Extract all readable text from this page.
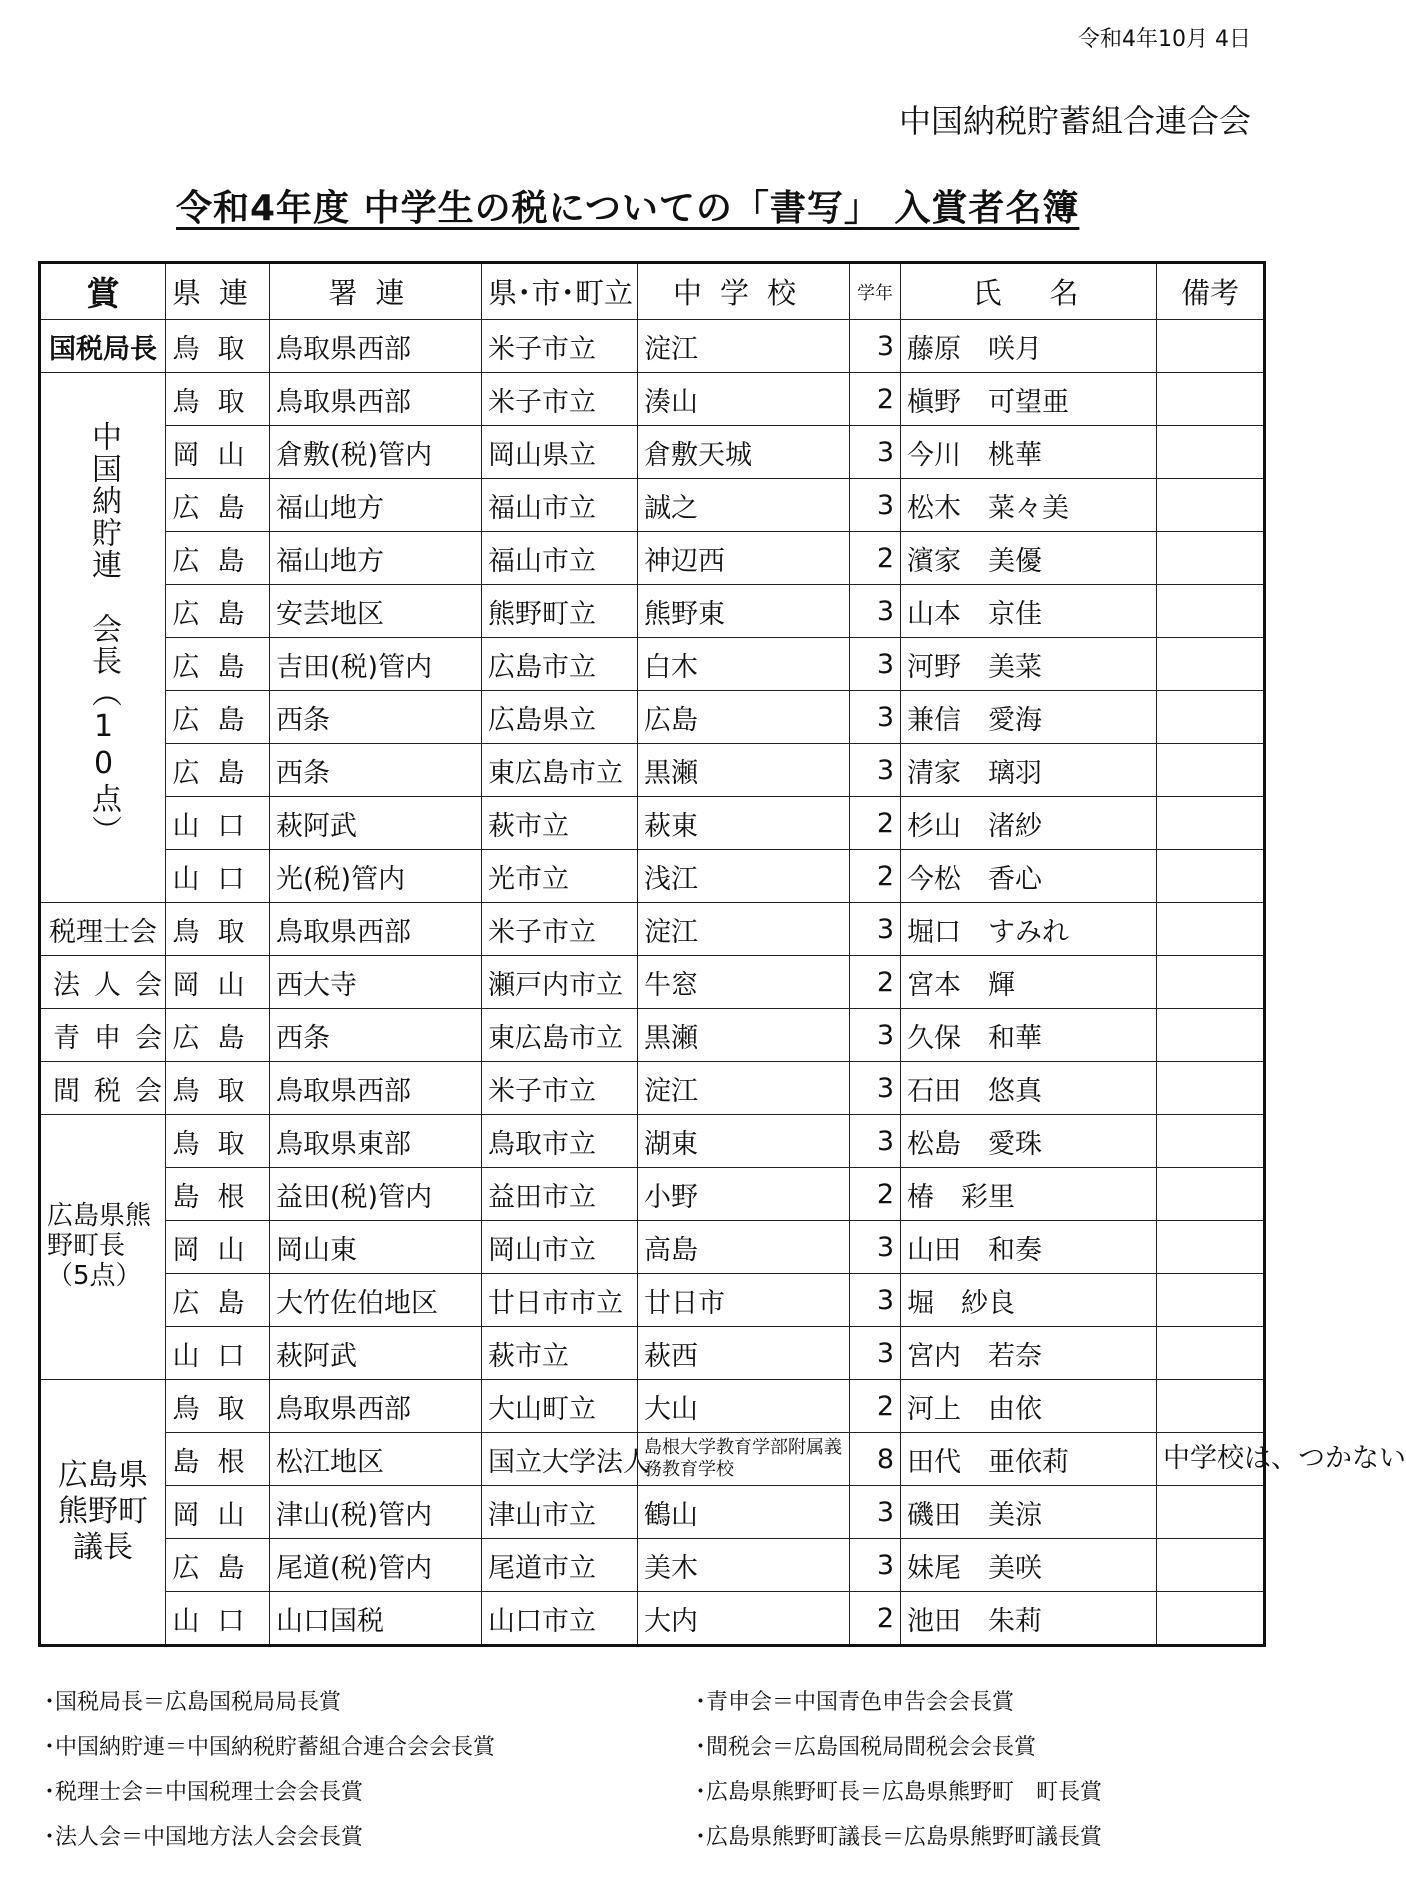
令和4年10月 4日
中国納税貯蓄組合連合会
令和4年度 中学生の税についての「書写」 入賞者名簿
賞	県連	署連	県･市･町立	中学校	学年	氏名	備考
国税局長	鳥取	鳥取県西部	米子市立	淀江	3	藤原　咲月	
中国納貯連　会長（10点）	鳥取	鳥取県西部	米子市立	湊山	2	槇野　可望亜	
	岡山	倉敷(税)管内	岡山県立	倉敷天城	3	今川　桃華	
	広島	福山地方	福山市立	誠之	3	松木　菜々美	
	広島	福山地方	福山市立	神辺西	2	濱家　美優	
	広島	安芸地区	熊野町立	熊野東	3	山本　京佳	
	広島	吉田(税)管内	広島市立	白木	3	河野　美菜	
	広島	西条	広島県立	広島	3	兼信　愛海	
	広島	西条	東広島市立	黒瀬	3	清家　璃羽	
	山口	萩阿武	萩市立	萩東	2	杉山　渚紗	
	山口	光(税)管内	光市立	浅江	2	今松　香心	
税理士会	鳥取	鳥取県西部	米子市立	淀江	3	堀口　すみれ	
法人会	岡山	西大寺	瀬戸内市立	牛窓	2	宮本　輝	
青申会	広島	西条	東広島市立	黒瀬	3	久保　和華	
間税会	鳥取	鳥取県西部	米子市立	淀江	3	石田　悠真	
広島県熊野町長（5点）	鳥取	鳥取県東部	鳥取市立	湖東	3	松島　愛珠	
	島根	益田(税)管内	益田市立	小野	2	椿　彩里	
	岡山	岡山東	岡山市立	高島	3	山田　和奏	
	広島	大竹佐伯地区	廿日市市立	廿日市	3	堀　紗良	
	山口	萩阿武	萩市立	萩西	3	宮内　若奈	
広島県熊野町議長	鳥取	鳥取県西部	大山町立	大山	2	河上　由依	
	島根	松江地区	国立大学法人	島根大学教育学部附属義務教育学校	8	田代　亜依莉	中学校は、つかない
	岡山	津山(税)管内	津山市立	鶴山	3	磯田　美涼	
	広島	尾道(税)管内	尾道市立	美木	3	妹尾　美咲	
	山口	山口国税	山口市立	大内	2	池田　朱莉	
･国税局長＝広島国税局局長賞
･中国納貯連＝中国納税貯蓄組合連合会会長賞
･税理士会＝中国税理士会会長賞
･法人会＝中国地方法人会会長賞
･青申会＝中国青色申告会会長賞
･間税会＝広島国税局間税会会長賞
･広島県熊野町長＝広島県熊野町　町長賞
･広島県熊野町議長＝広島県熊野町議長賞
